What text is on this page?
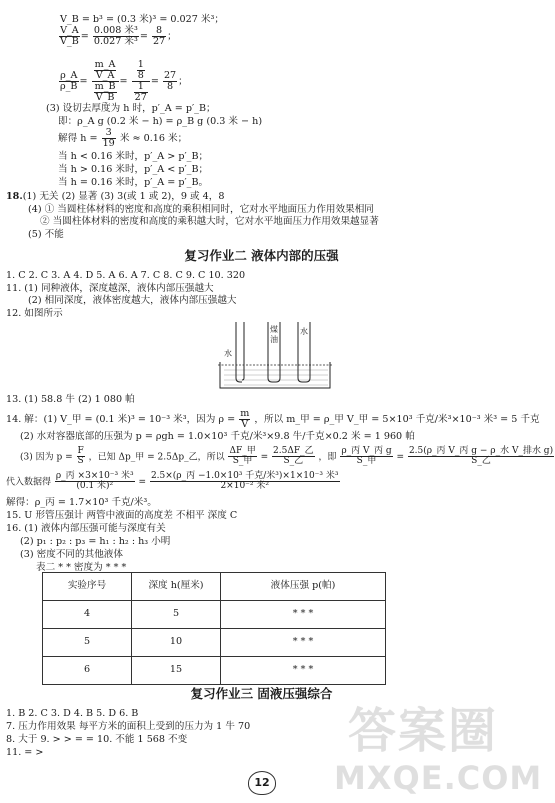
V_B = b³ = (0.3 米)³ = 0.027 米³；
$\frac{V\_A}{V\_B}$ =
0.008 米³
0.027 米$^3 = \frac{8}{27}$ ；
$\frac{\rho\_A}{\rho\_B} = \frac{\frac{m\_A}{V\_A}}{\frac{m\_B}{V\_B}} = \frac{\frac{1}{8}}{\frac{1}{27}} = \frac{27}{8}$ ；
(3) 设切去厚度为 h 时，p′_A = p′_B；
即：ρ_A g (0.2 米 − h) = ρ_B g (0.3 米 − h)
解得 $h = \frac{3}{19}$ 米 ≈ 0.16 米；
当 h < 0.16 米时，p′_A > p′_B；
当 h > 0.16 米时，p′_A < p′_B；
当 h = 0.16 米时，p′_A = p′_B。
18.(1) 无关 (2) 显著 (3) 3(或 1 或 2)，9 或 4，8
(4) ① 当圆柱体材料的密度和高度的乘积相同时，它对水平地面压力作用效果相同
② 当圆柱体材料的密度和高度的乘积越大时，它对水平地面压力作用效果越显著
(5) 不能
复习作业二 液体内部的压强
1. C 2. C 3. A 4. D 5. A 6. A 7. C 8. C 9. C 10. 320
11. (1) 同种液体，深度越深，液体内部压强越大
(2) 相同深度，液体密度越大，液体内部压强越大
12. 如图所示
水
煤
油
水
13. (1) 58.8 牛 (2) 1 080 帕
14. 解：(1) V_甲 = (0.1 米)³ = 10⁻³ 米³，因为 $\rho = \frac{m}{V}$ ，所以 m_甲 = ρ_甲 V_甲 = 5×10³ 千克/米³×10⁻³ 米³ = 5 千克
(2) 水对容器底部的压强为 p = ρgh = 1.0×10³ 千克/米³×9.8 牛/千克×0.2 米 = 1 960 帕
(3) 因为 $p = \frac{F}{S}$ ，已知 Δp_甲 = 2.5Δp_乙，所以
ΔF_甲
S_甲 =
2.5ΔF_乙
S_乙	，即
ρ_丙 V_丙 g
S_甲	=
2.5(ρ_丙 V_丙 g − ρ_水 V_排水 g)
S_乙
代入数据得
ρ_丙 ×3×10⁻³ 米³
(0.1 米)²	=
2.5×(ρ_丙 −1.0×10³ 千克/米³)×1×10⁻³ 米³
2×10⁻² 米²
解得：ρ_丙 = 1.7×10³ 千克/米³。
15. U 形管压强计 两管中液面的高度差 不相平 深度 C
16. (1) 液体内部压强可能与深度有关
(2) p₁ : p₂ : p₃ = h₁ : h₂ : h₃ 小明
(3) 密度不同的其他液体
表二 * * 密度为 * * *
实验序号	深度 h(厘米)	液体压强 p(帕)
4	5	* * *
5	10	* * *
6	15	* * *
复习作业三 固液压强综合
1. B 2. C 3. D 4. B 5. D 6. B
7. 压力作用效果 每平方米的面积上受到的压力为 1 牛 70
8. 大于 9. > > = = 10. 不能 1 568 不变
11. = >	答案圈
MXQE.COM
12
